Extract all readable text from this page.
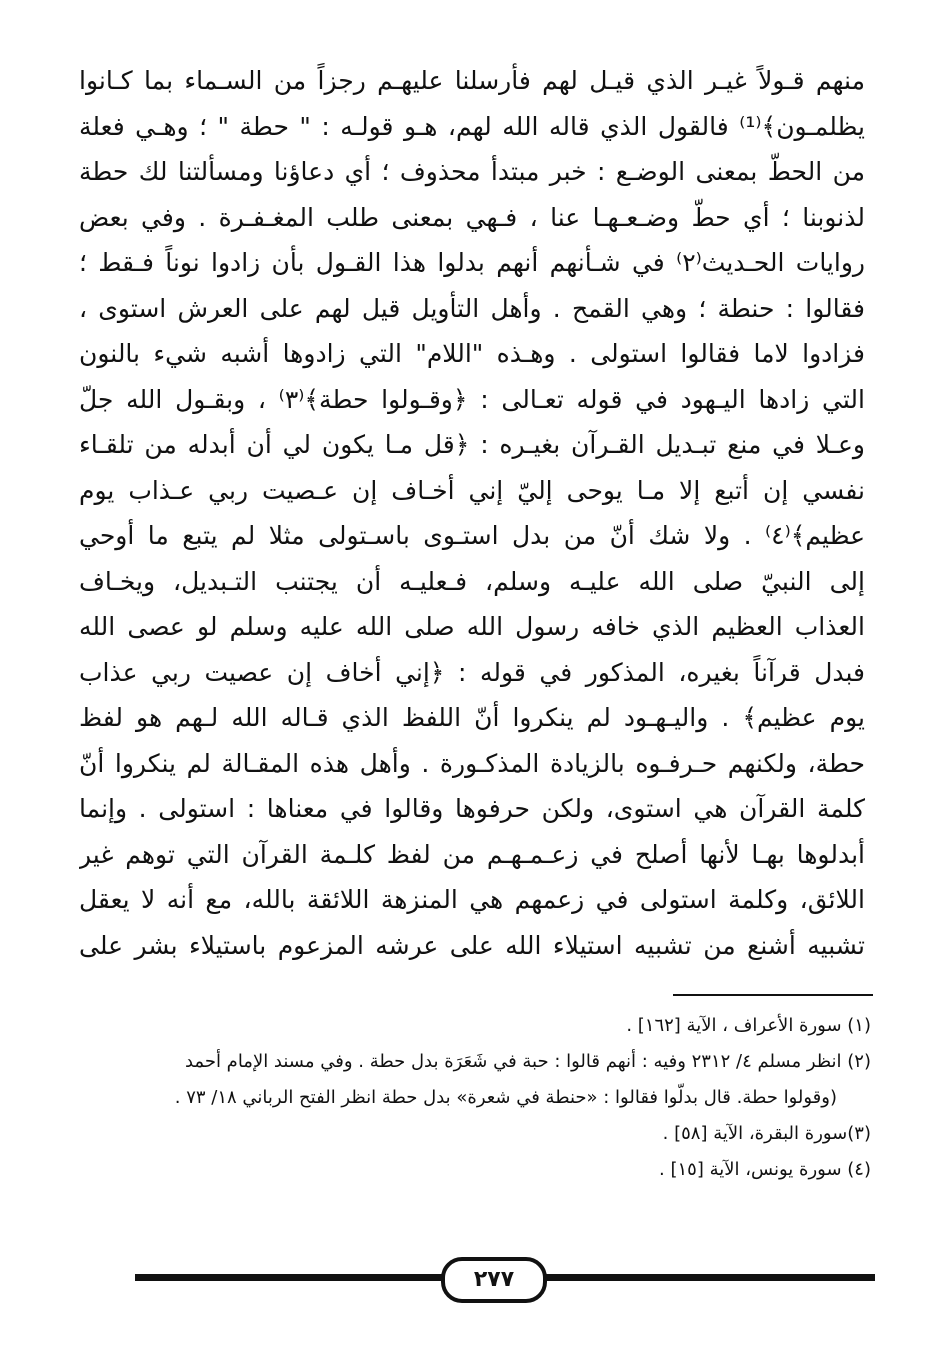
منهم قـولاً غيـر الذي قيـل لهم فأرسلنا عليهـم رجزاً من السـماء بما كـانوا
يظلمـون﴾⁽¹⁾ فالقول الذي قاله الله لهم، هـو قولـه : " حطة " ؛ وهـي فعلة
من الحطّ بمعنى الوضـع : خبر مبتدأ محذوف ؛ أي دعاؤنا ومسألتنا لك حطة
لذنوبنا ؛ أي حطّ وضـعـهـا عنا ، فـهي بمعنى طلب المغـفـرة . وفي بعض
روايات الحـديث⁽٢⁾ في شـأنهم أنهم بدلوا هذا القـول بأن زادوا نوناً فـقط ؛
فقالوا : حنطة ؛ وهي القمح . وأهل التأويل قيل لهم على العرش استوى ،
فزادوا لاما فقالوا استولى . وهـذه "اللام" التي زادوها أشبه شيء بالنون
التي زادها اليـهود في قوله تعـالى : ﴿وقـولوا حطة﴾⁽٣⁾ ، وبقـول الله جلّ
وعـلا في منع تبـديل القـرآن بغيـره : ﴿قل مـا يكون لي أن أبدله من تلقـاء
نفسي إن أتبع إلا مـا يوحى إليّ إني أخـاف إن عـصيت ربي عـذاب يوم
عظيم﴾⁽٤⁾ . ولا شك أنّ من بدل استـوى باسـتولى مثلا لم يتبع ما أوحي
إلى النبيّ صلى الله عليـه وسلم، فـعليـه أن يجتنب التـبديل، ويخـاف
العذاب العظيم الذي خافه رسول الله صلى الله عليه وسلم لو عصى الله
فبدل قرآناً بغيره، المذكور في قوله : ﴿إني أخاف إن عصيت ربي عذاب
يوم عظيم﴾ . واليـهـود لم ينكروا أنّ اللفظ الذي قـاله الله لـهم هو لفظ
حطة، ولكنهم حـرفـوه بالزيادة المذكـورة . وأهل هذه المقـالة لم ينكروا أنّ
كلمة القرآن هي استوى، ولكن حرفوها وقالوا في معناها : استولى . وإنما
أبدلوها بهـا لأنها أصلح في زعـمـهـم من لفظ كلـمة القرآن التي توهم غير
اللائق، وكلمة استولى في زعمهم هي المنزهة اللائقة بالله، مع أنه لا يعقل
تشبيه أشنع من تشبيه استيلاء الله على عرشه المزعوم باستيلاء بشر على
(١) سورة الأعراف ، الآية [١٦٢] .
(٢) انظر مسلم ٤/ ٢٣١٢ وفيه : أنهم قالوا : حبة في شَعَرَة بدل حطة . وفي مسند الإمام أحمد
(وقولوا حطة. قال بدلّوا فقالوا : «حنطة في شعرة» بدل حطة انظر الفتح الرباني ١٨/ ٧٣ .
(٣)سورة البقرة، الآية [٥٨] .
(٤) سورة يونس، الآية [١٥] .
٢٧٧
